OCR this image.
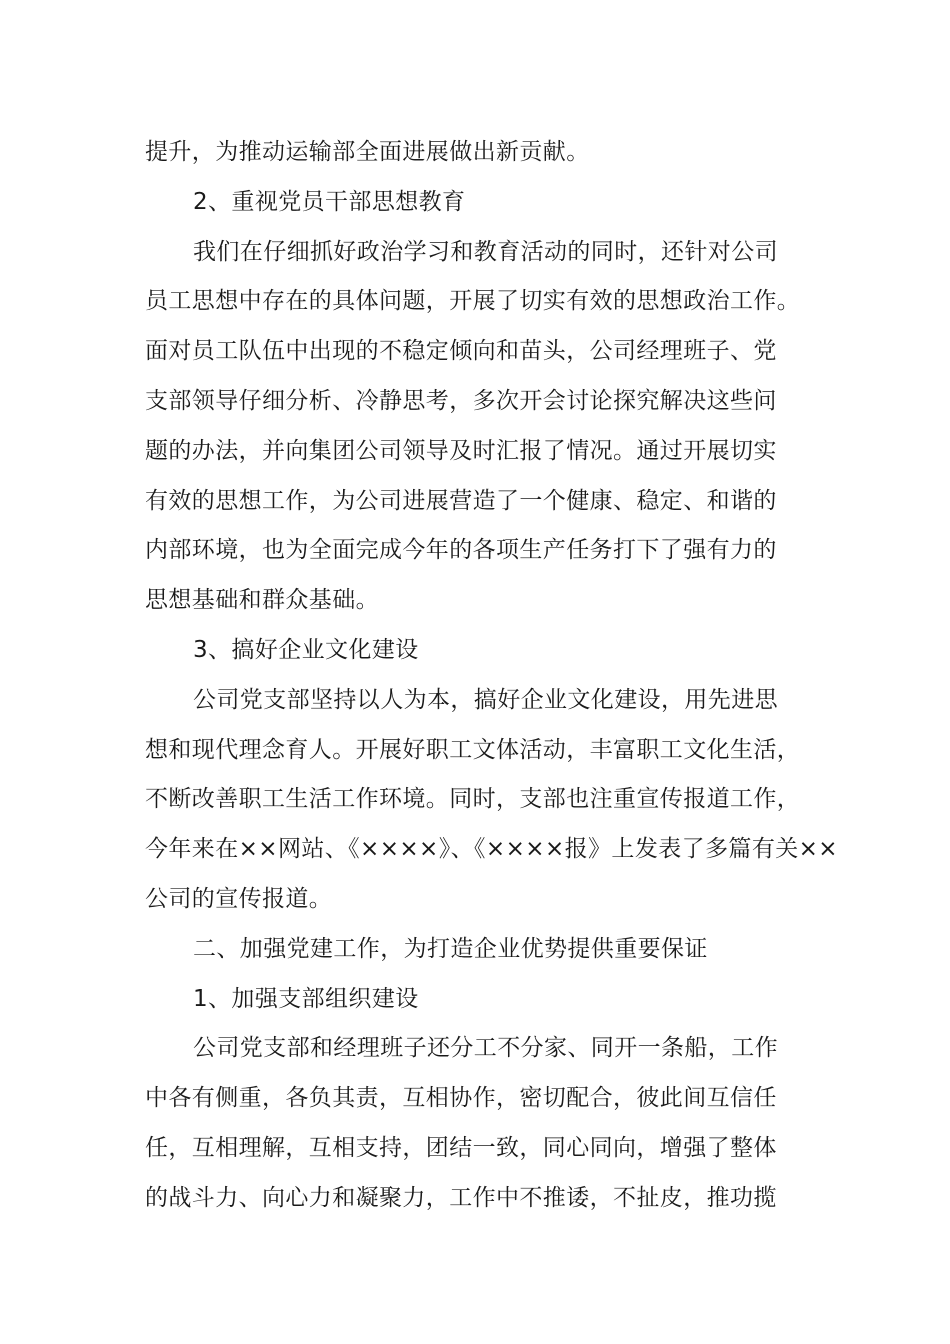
提升，为推动运输部全面进展做出新贡献。
2、重视党员干部思想教育
我们在仔细抓好政治学习和教育活动的同时，还针对公司
员工思想中存在的具体问题，开展了切实有效的思想政治工作。
面对员工队伍中出现的不稳定倾向和苗头，公司经理班子、党
支部领导仔细分析、冷静思考，多次开会讨论探究解决这些问
题的办法，并向集团公司领导及时汇报了情况。通过开展切实
有效的思想工作，为公司进展营造了一个健康、稳定、和谐的
内部环境，也为全面完成今年的各项生产任务打下了强有力的
思想基础和群众基础。
3、搞好企业文化建设
公司党支部坚持以人为本，搞好企业文化建设，用先进思
想和现代理念育人。开展好职工文体活动，丰富职工文化生活，
不断改善职工生活工作环境。同时，支部也注重宣传报道工作，
今年来在××网站、《××××》、《××××报》上发表了多篇有关××
公司的宣传报道。
二、加强党建工作，为打造企业优势提供重要保证
1、加强支部组织建设
公司党支部和经理班子还分工不分家、同开一条船，工作
中各有侧重，各负其责，互相协作，密切配合，彼此间互信任
任，互相理解，互相支持，团结一致，同心同向，增强了整体
的战斗力、向心力和凝聚力，工作中不推诿，不扯皮，推功揽
